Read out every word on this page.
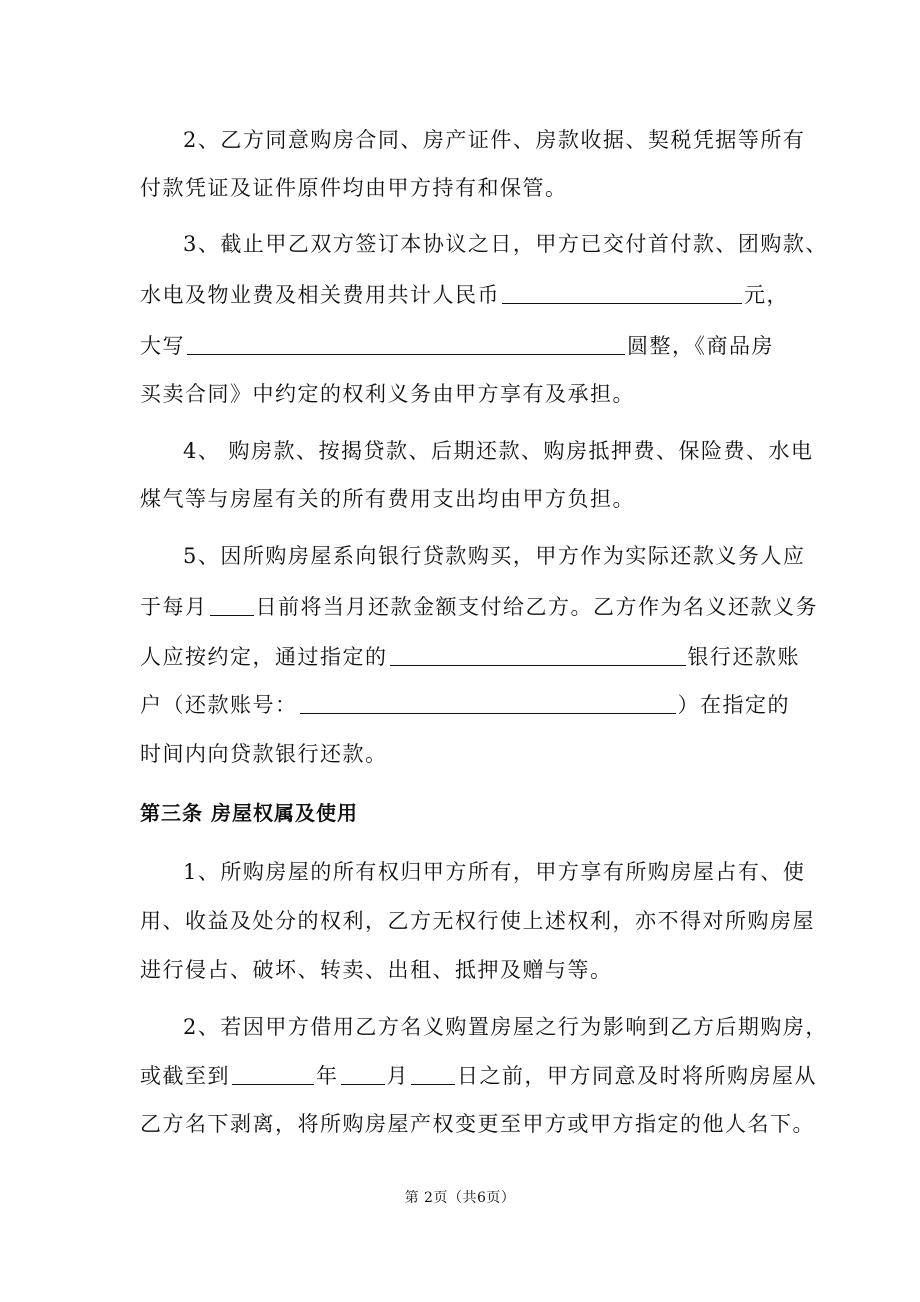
2、乙方同意购房合同、房产证件、房款收据、契税凭据等所有
付款凭证及证件原件均由甲方持有和保管。
3、截止甲乙双方签订本协议之日，甲方已交付首付款、团购款、
水电及物业费及相关费用共计人民币	元，
大写	圆整，《商品房
买卖合同》中约定的权利义务由甲方享有及承担。
4、 购房款、按揭贷款、后期还款、购房抵押费、保险费、水电
煤气等与房屋有关的所有费用支出均由甲方负担。
5、因所购房屋系向银行贷款购买，甲方作为实际还款义务人应
于每月 日前将当月还款金额支付给乙方。乙方作为名义还款义务
人应按约定，通过指定的	银行还款账
户（还款账号：	）在指定的
时间内向贷款银行还款。
第三条 房屋权属及使用
1、所购房屋的所有权归甲方所有，甲方享有所购房屋占有、使
用、收益及处分的权利，乙方无权行使上述权利，亦不得对所购房屋
进行侵占、破坏、转卖、出租、抵押及赠与等。
2、若因甲方借用乙方名义购置房屋之行为影响到乙方后期购房，
或截至到	年 月 日之前，甲方同意及时将所购房屋从
乙方名下剥离，将所购房屋产权变更至甲方或甲方指定的他人名下。
第 2页（共6页）
